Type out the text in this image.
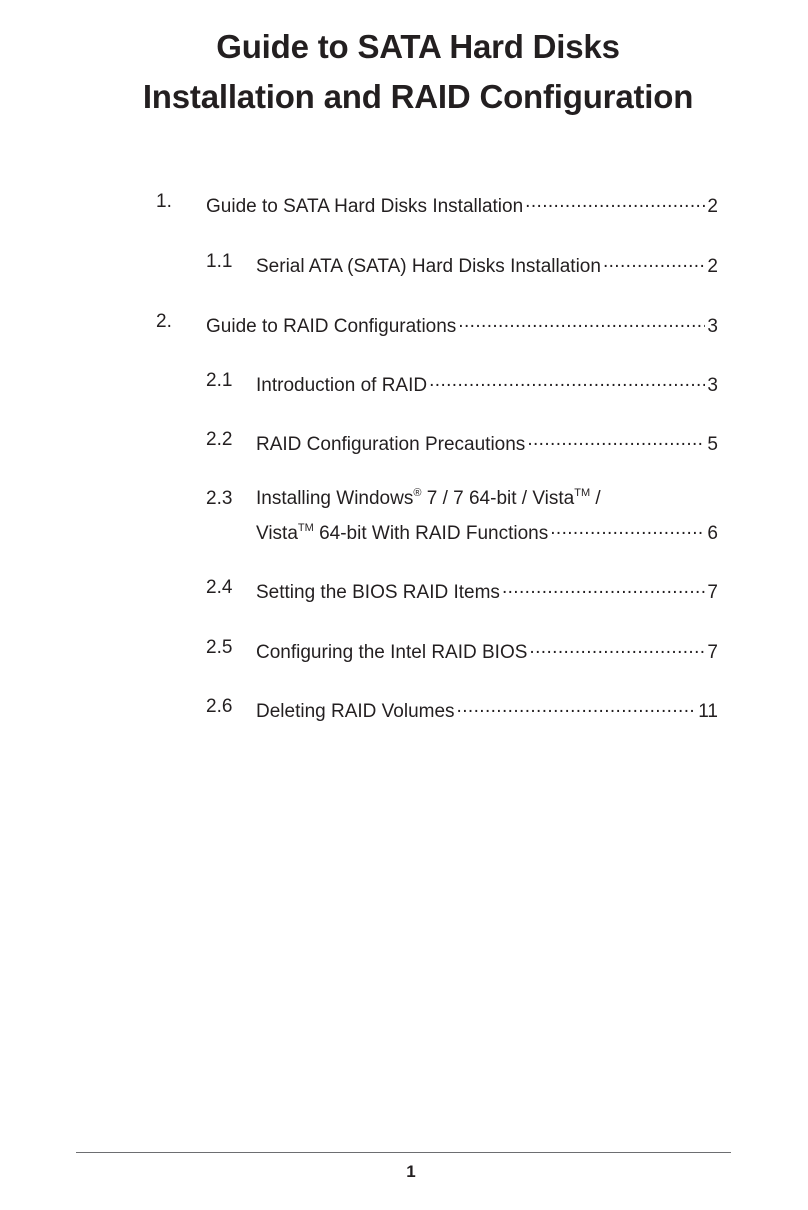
Guide to SATA Hard Disks
Installation and RAID Configuration
1. Guide to SATA Hard Disks Installation .....	2
1.1 Serial ATA (SATA) Hard Disks Installation .....	2
2. Guide to RAID Configurations .....	3
2.1 Introduction of RAID .....	3
2.2 RAID Configuration Precautions .....	5
2.3 Installing Windows® 7 / 7 64-bit / Vista™ /
Vista™ 64-bit With RAID Functions .....	6
2.4 Setting the BIOS RAID Items .....	7
2.5 Configuring the Intel RAID BIOS .....	7
2.6 Deleting RAID Volumes .....	11
1
